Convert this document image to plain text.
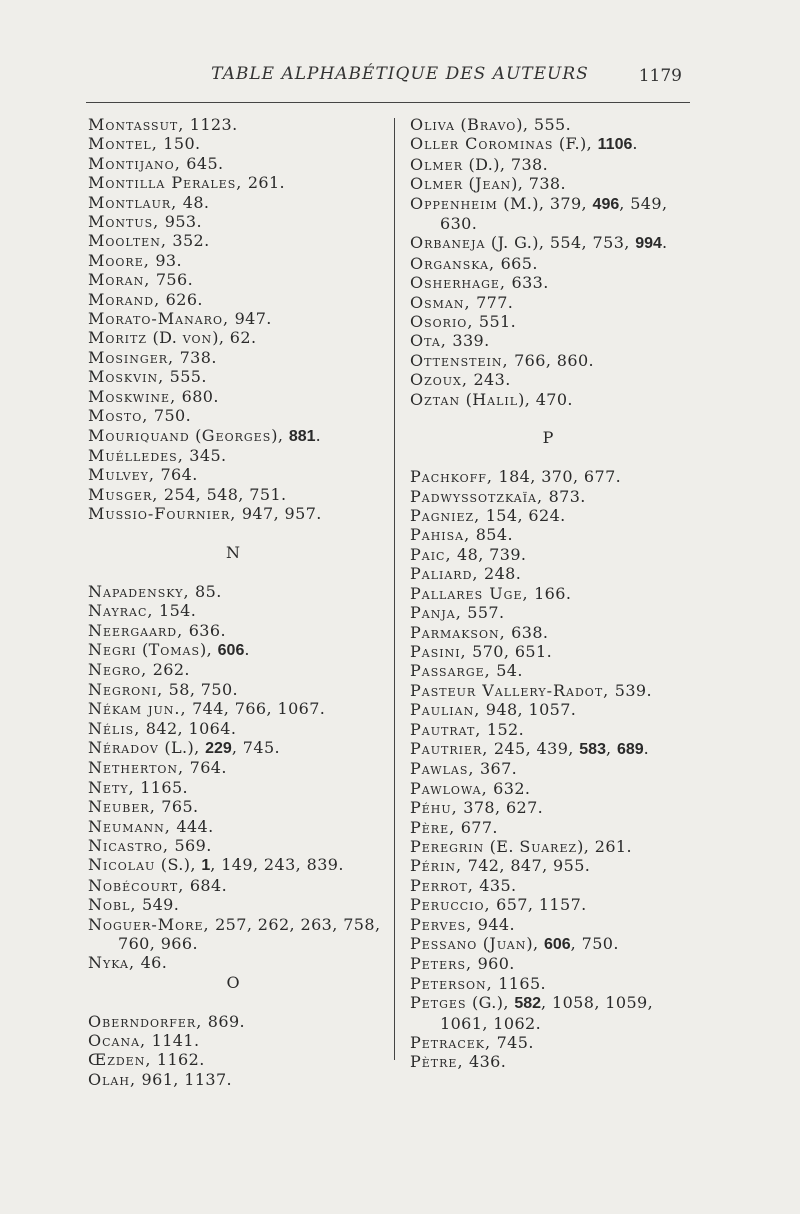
TABLE ALPHABÉTIQUE DES AUTEURS	1179
Montassut, 1123.
Montel, 150.
Montijano, 645.
Montilla Perales, 261.
Montlaur, 48.
Montus, 953.
Moolten, 352.
Moore, 93.
Moran, 756.
Morand, 626.
Morato-Manaro, 947.
Moritz (D. von), 62.
Mosinger, 738.
Moskvin, 555.
Moskwine, 680.
Mosto, 750.
Mouriquand (Georges), 881.
Muélledes, 345.
Mulvey, 764.
Musger, 254, 548, 751.
Mussio-Fournier, 947, 957.
N
Napadensky, 85.
Nayrac, 154.
Neergaard, 636.
Negri (Tomas), 606.
Negro, 262.
Negroni, 58, 750.
Nékam jun., 744, 766, 1067.
Nélis, 842, 1064.
Néradov (L.), 229, 745.
Netherton, 764.
Nety, 1165.
Neuber, 765.
Neumann, 444.
Nicastro, 569.
Nicolau (S.), 1, 149, 243, 839.
Nobécourt, 684.
Nobl, 549.
Noguer-More, 257, 262, 263, 758,
760, 966.
Nyka, 46.
O
Oberndorfer, 869.
Ocana, 1141.
Œzden, 1162.
Olah, 961, 1137.
Oliva (Bravo), 555.
Oller Corominas (F.), 1106.
Olmer (D.), 738.
Olmer (Jean), 738.
Oppenheim (M.), 379, 496, 549,
630.
Orbaneja (J. G.), 554, 753, 994.
Organska, 665.
Osherhage, 633.
Osman, 777.
Osorio, 551.
Ota, 339.
Ottenstein, 766, 860.
Ozoux, 243.
Oztan (Halil), 470.
P
Pachkoff, 184, 370, 677.
Padwyssotzkaïa, 873.
Pagniez, 154, 624.
Pahisa, 854.
Paic, 48, 739.
Paliard, 248.
Pallares Uge, 166.
Panja, 557.
Parmakson, 638.
Pasini, 570, 651.
Passarge, 54.
Pasteur Vallery-Radot, 539.
Paulian, 948, 1057.
Pautrat, 152.
Pautrier, 245, 439, 583, 689.
Pawlas, 367.
Pawlowa, 632.
Péhu, 378, 627.
Père, 677.
Peregrin (E. Suarez), 261.
Périn, 742, 847, 955.
Perrot, 435.
Peruccio, 657, 1157.
Perves, 944.
Pessano (Juan), 606, 750.
Peters, 960.
Peterson, 1165.
Petges (G.), 582, 1058, 1059,
1061, 1062.
Petracek, 745.
Pètre, 436.
